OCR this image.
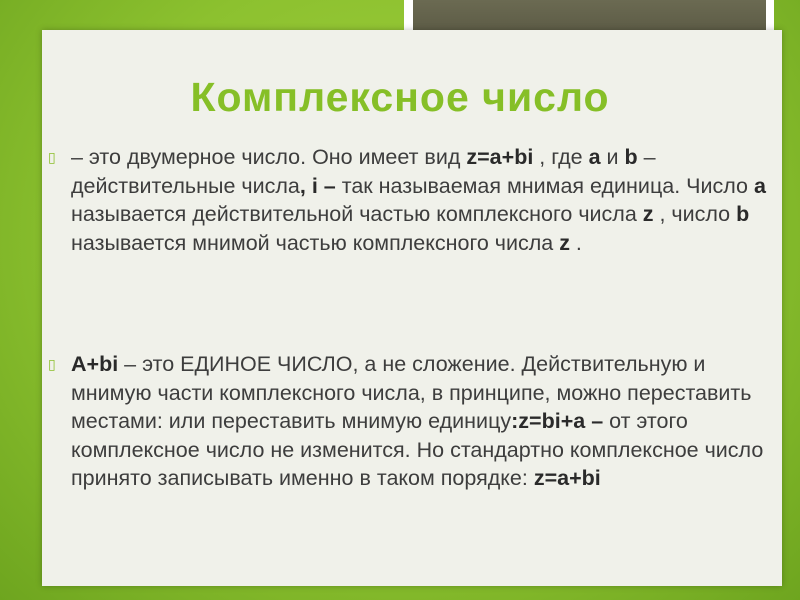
Комплексное число

▯ – это двумерное число. Оно имеет вид z=a+bi , где a и b – действительные числа, i – так называемая мнимая единица. Число a называется действительной частью комплексного числа z , число b называется мнимой частью комплексного числа z .

▯ A+bi – это ЕДИНОЕ ЧИСЛО, а не сложение. Действительную и мнимую части комплексного числа, в принципе, можно переставить местами: или переставить мнимую единицу:z=bi+a – от этого комплексное число не изменится. Но стандартно комплексное число принято записывать именно в таком порядке: z=a+bi
